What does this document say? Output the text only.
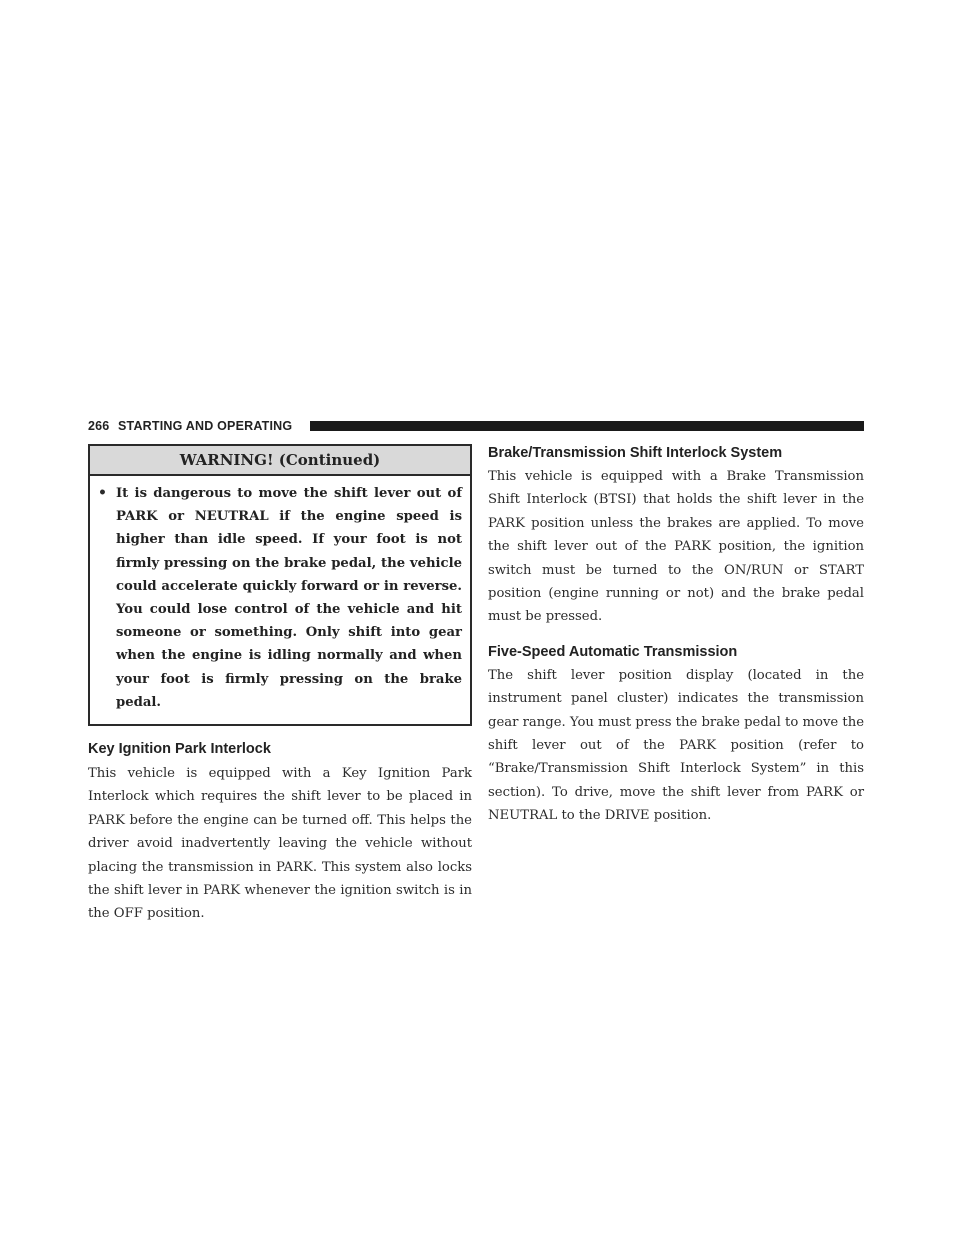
266 STARTING AND OPERATING
WARNING! (Continued)
• It is dangerous to move the shift lever out of PARK or NEUTRAL if the engine speed is higher than idle speed. If your foot is not firmly pressing on the brake pedal, the vehicle could accelerate quickly forward or in reverse. You could lose control of the vehicle and hit someone or something. Only shift into gear when the engine is idling normally and when your foot is firmly pressing on the brake pedal.
Key Ignition Park Interlock

This vehicle is equipped with a Key Ignition Park Interlock which requires the shift lever to be placed in PARK before the engine can be turned off. This helps the driver avoid inadvertently leaving the vehicle without placing the transmission in PARK. This system also locks the shift lever in PARK whenever the ignition switch is in the OFF position.

Brake/Transmission Shift Interlock System

This vehicle is equipped with a Brake Transmission Shift Interlock (BTSI) that holds the shift lever in the PARK position unless the brakes are applied. To move the shift lever out of the PARK position, the ignition switch must be turned to the ON/RUN or START position (engine running or not) and the brake pedal must be pressed.

Five-Speed Automatic Transmission

The shift lever position display (located in the instrument panel cluster) indicates the transmission gear range. You must press the brake pedal to move the shift lever out of the PARK position (refer to “Brake/Transmission Shift Interlock System” in this section). To drive, move the shift lever from PARK or NEUTRAL to the DRIVE position.
